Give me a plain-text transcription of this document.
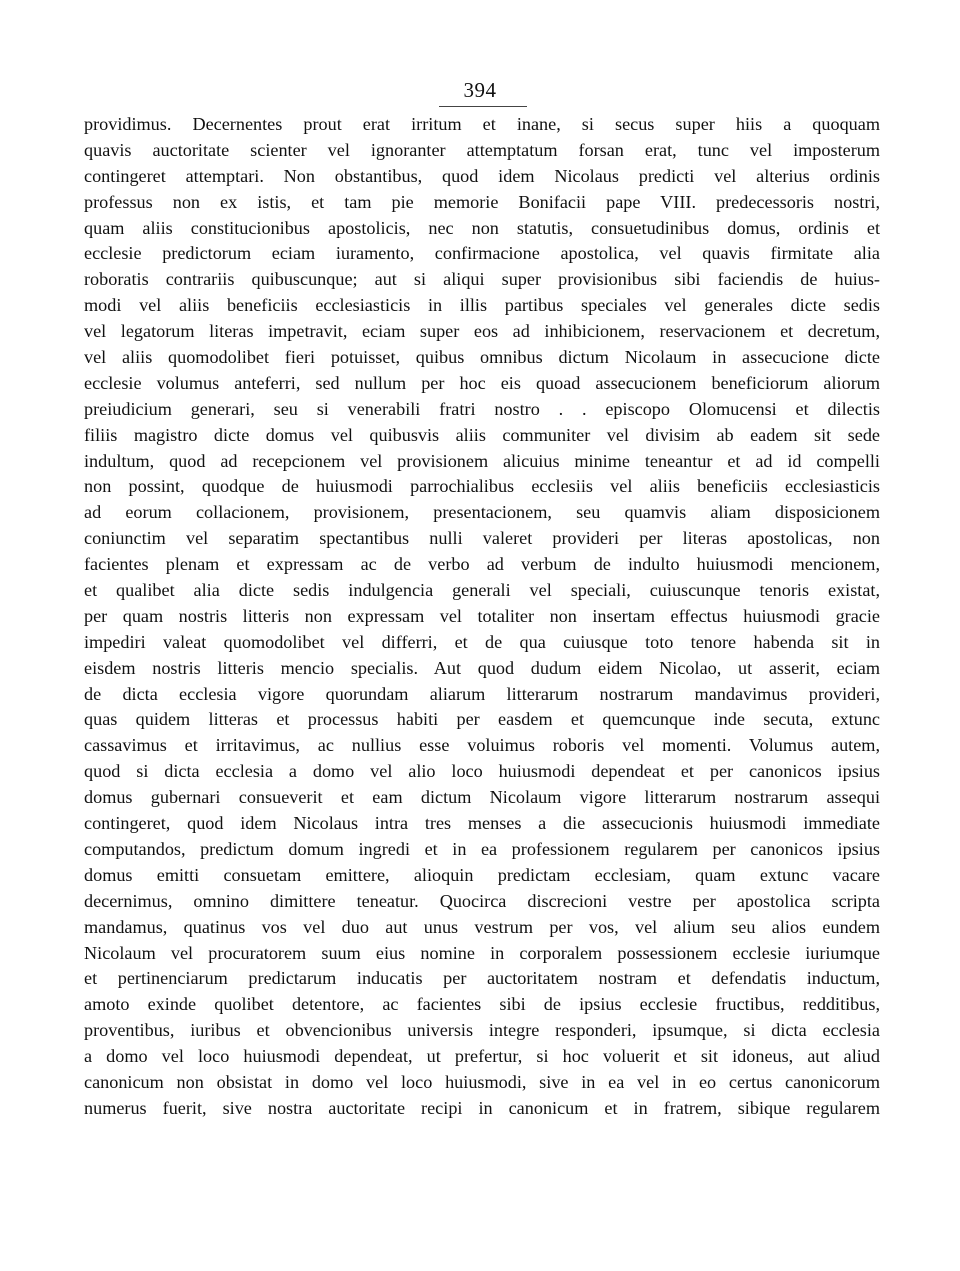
394
providimus. Decernentes prout erat irritum et inane, si secus super hiis a quoquam
quavis auctoritate scienter vel ignoranter attemptatum forsan erat, tunc vel imposterum
contingeret attemptari. Non obstantibus, quod idem Nicolaus predicti vel alterius ordinis
professus non ex istis, et tam pie memorie Bonifacii pape VIII. predecessoris nostri,
quam aliis constitucionibus apostolicis, nec non statutis, consuetudinibus domus, ordinis et
ecclesie predictorum eciam iuramento, confirmacione apostolica, vel quavis firmitate alia
roboratis contrariis quibuscunque; aut si aliqui super provisionibus sibi faciendis de huius-
modi vel aliis beneficiis ecclesiasticis in illis partibus speciales vel generales dicte sedis
vel legatorum literas impetravit, eciam super eos ad inhibicionem, reservacionem et decretum,
vel aliis quomodolibet fieri potuisset, quibus omnibus dictum Nicolaum in assecucione dicte
ecclesie volumus anteferri, sed nullum per hoc eis quoad assecucionem beneficiorum aliorum
preiudicium generari, seu si venerabili fratri nostro . . episcopo Olomucensi et dilectis
filiis magistro dicte domus vel quibusvis aliis communiter vel divisim ab eadem sit sede
indultum, quod ad recepcionem vel provisionem alicuius minime teneantur et ad id compelli
non possint, quodque de huiusmodi parrochialibus ecclesiis vel aliis beneficiis ecclesiasticis
ad eorum collacionem, provisionem, presentacionem, seu quamvis aliam disposicionem
coniunctim vel separatim spectantibus nulli valeret provideri per literas apostolicas, non
facientes plenam et expressam ac de verbo ad verbum de indulto huiusmodi mencionem,
et qualibet alia dicte sedis indulgencia generali vel speciali, cuiuscunque tenoris existat,
per quam nostris litteris non expressam vel totaliter non insertam effectus huiusmodi gracie
impediri valeat quomodolibet vel differri, et de qua cuiusque toto tenore habenda sit in
eisdem nostris litteris mencio specialis. Aut quod dudum eidem Nicolao, ut asserit, eciam
de dicta ecclesia vigore quorundam aliarum litterarum nostrarum mandavimus provideri,
quas quidem litteras et processus habiti per easdem et quemcunque inde secuta, extunc
cassavimus et irritavimus, ac nullius esse voluimus roboris vel momenti. Volumus autem,
quod si dicta ecclesia a domo vel alio loco huiusmodi dependeat et per canonicos ipsius
domus gubernari consueverit et eam dictum Nicolaum vigore litterarum nostrarum assequi
contingeret, quod idem Nicolaus intra tres menses a die assecucionis huiusmodi immediate
computandos, predictum domum ingredi et in ea professionem regularem per canonicos ipsius
domus emitti consuetam emittere, alioquin predictam ecclesiam, quam extunc vacare
decernimus, omnino dimittere teneatur. Quocirca discrecioni vestre per apostolica scripta
mandamus, quatinus vos vel duo aut unus vestrum per vos, vel alium seu alios eundem
Nicolaum vel procuratorem suum eius nomine in corporalem possessionem ecclesie iuriumque
et pertinenciarum predictarum inducatis per auctoritatem nostram et defendatis inductum,
amoto exinde quolibet detentore, ac facientes sibi de ipsius ecclesie fructibus, redditibus,
proventibus, iuribus et obvencionibus universis integre responderi, ipsumque, si dicta ecclesia
a domo vel loco huiusmodi dependeat, ut prefertur, si hoc voluerit et sit idoneus, aut aliud
canonicum non obsistat in domo vel loco huiusmodi, sive in ea vel in eo certus canonicorum
numerus fuerit, sive nostra auctoritate recipi in canonicum et in fratrem, sibique regularem
